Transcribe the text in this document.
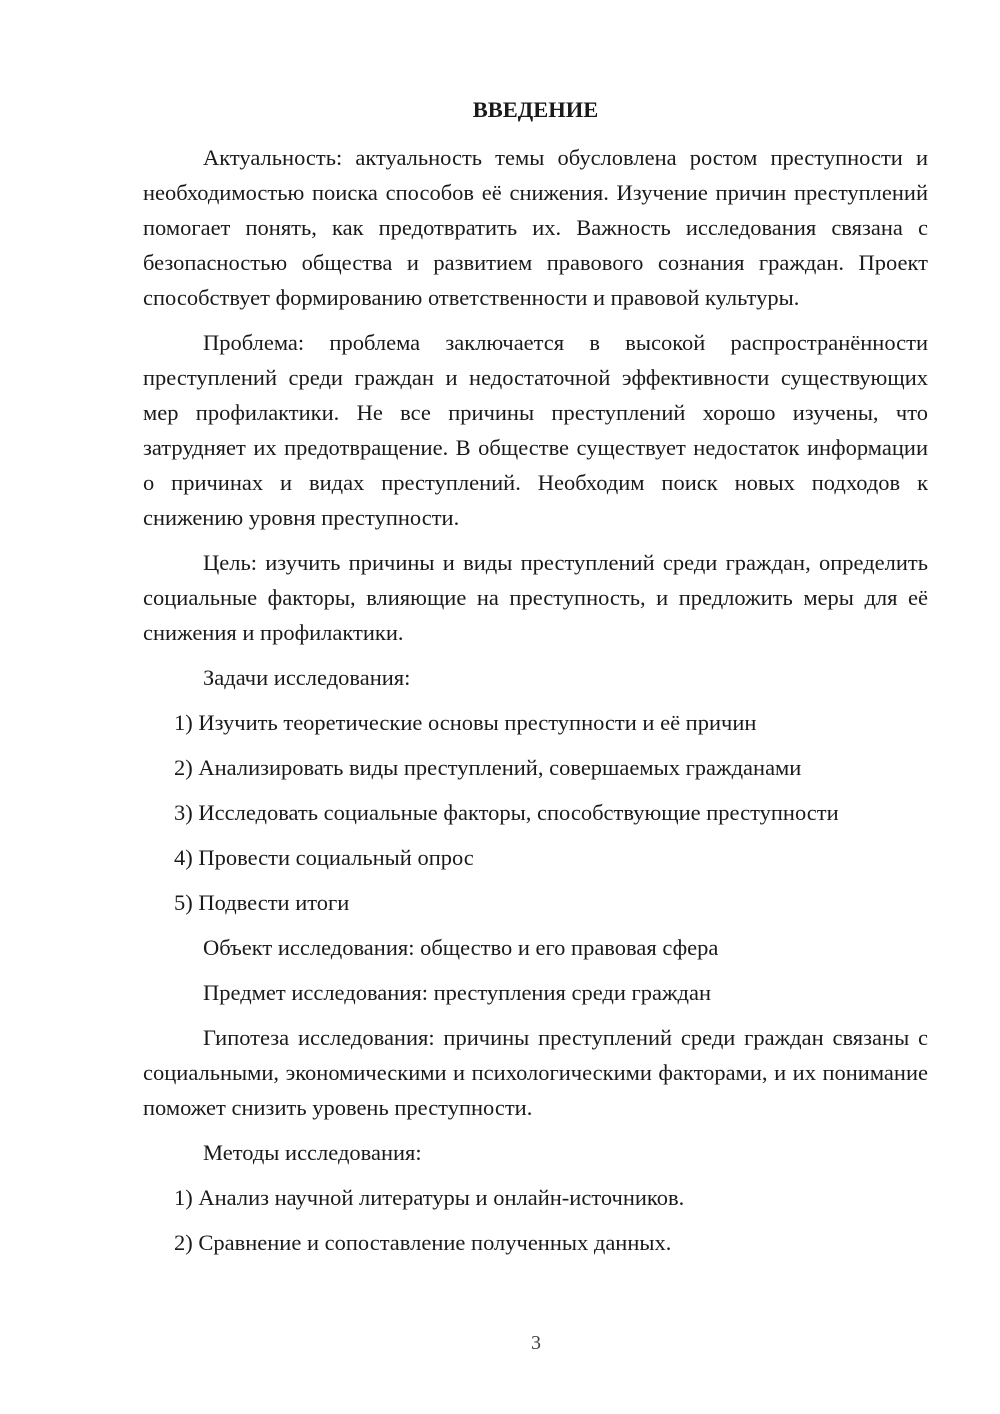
ВВЕДЕНИЕ
Актуальность: актуальность темы обусловлена ростом преступности и необходимостью поиска способов её снижения. Изучение причин преступлений помогает понять, как предотвратить их. Важность исследования связана с безопасностью общества и развитием правового сознания граждан. Проект способствует формированию ответственности и правовой культуры.
Проблема: проблема заключается в высокой распространённости преступлений среди граждан и недостаточной эффективности существующих мер профилактики. Не все причины преступлений хорошо изучены, что затрудняет их предотвращение. В обществе существует недостаток информации о причинах и видах преступлений. Необходим поиск новых подходов к снижению уровня преступности.
Цель: изучить причины и виды преступлений среди граждан, определить социальные факторы, влияющие на преступность, и предложить меры для её снижения и профилактики.
Задачи исследования:
1) Изучить теоретические основы преступности и её причин
2) Анализировать виды преступлений, совершаемых гражданами
3) Исследовать социальные факторы, способствующие преступности
4) Провести социальный опрос
5) Подвести итоги
Объект исследования: общество и его правовая сфера
Предмет исследования: преступления среди граждан
Гипотеза исследования: причины преступлений среди граждан связаны с социальными, экономическими и психологическими факторами, и их понимание поможет снизить уровень преступности.
Методы исследования:
1) Анализ научной литературы и онлайн-источников.
2) Сравнение и сопоставление полученных данных.
3
